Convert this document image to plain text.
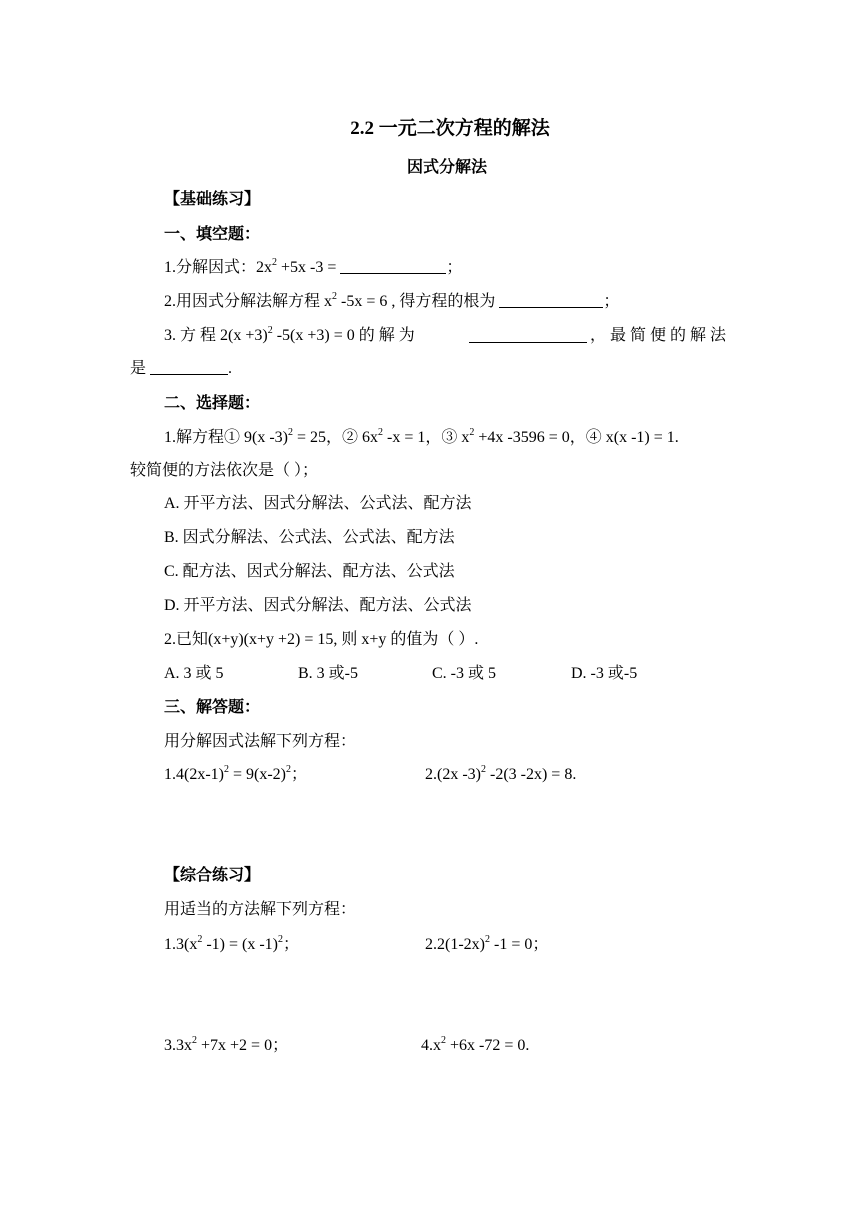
2.2 一元二次方程的解法
因式分解法
【基础练习】
一、填空题：
1.分解因式：$2x^2 +5x$ -3 =	；
2.用因式分解法解方程 $x^2$ -5x = 6 , 得方程的根为	；
3. 方 程 $2(x +3)^2$ -5(x +3) = 0 的 解 为	， 最 简 便 的 解 法
是	.
二、选择题：
1.解方程① 9(x -3)$^2$ = 25，② $6x^2$ -x = 1，③ $x^2 +4x$ -3596 = 0，④ x(x -1) = 1.
较简便的方法依次是（ ）；
A. 开平方法、因式分解法、公式法、配方法
B. 因式分解法、公式法、公式法、配方法
C. 配方法、因式分解法、配方法、公式法
D. 开平方法、因式分解法、配方法、公式法
2.已知(x+y)(x+y +2) = 15, 则 x+y 的值为（ ）.
A. 3 或 5	B. 3 或-5	C. -3 或 5	D. -3 或-5
三、解答题：
用分解因式法解下列方程：
$1.4(2x-1)^2 = 9(x-2)^2$；	2.(2x -3)$^2$ -2(3 -2x) = 8.
【综合练习】
用适当的方法解下列方程：
$1.3(x^2$ -1) = (x -1)$^2$；	$2.2(1-2x)^2$ -1 = 0；
$3.3x^2 +7x +2 = 0$；	$4.x^2 +6x$ -72 = 0.
